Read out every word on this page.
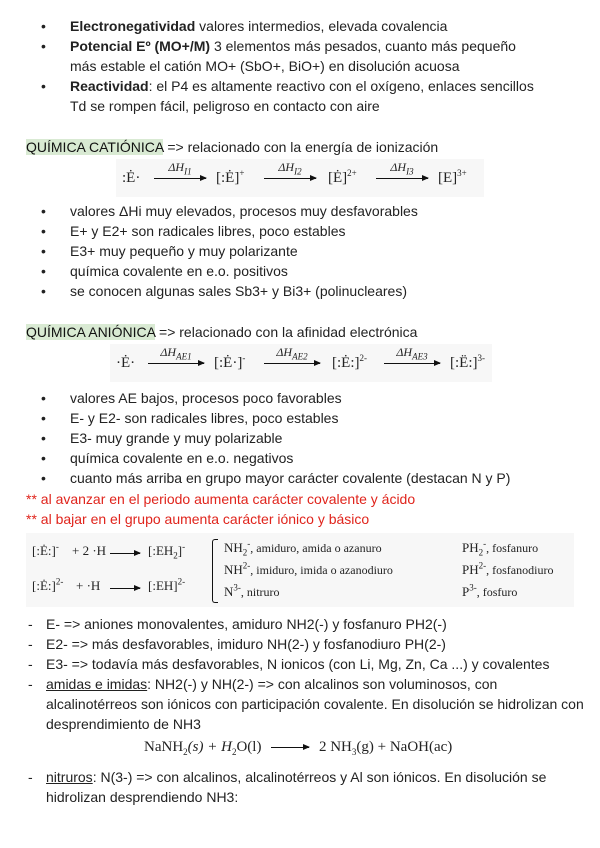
• Electronegatividad valores intermedios, elevada covalencia
• Potencial Eº (MO+/M) 3 elementos más pesados, cuanto más pequeño
más estable el catión MO+ (SbO+, BiO+) en disolución acuosa
• Reactividad: el P4 es altamente reactivo con el oxígeno, enlaces sencillos
Td se rompen fácil, peligroso en contacto con aire
QUÍMICA CATIÓNICA => relacionado con la energía de ionización
:Ė·
$\Delta H_{I1}$ → [:Ė]+	$\Delta H_{I2}$ → [Ė]$^{2+}$	$\Delta H_{I3} \to [E]^{3+}$
• valores ΔHi muy elevados, procesos muy desfavorables
• E+ y E2+ son radicales libres, poco estables
• E3+ muy pequeño y muy polarizante
• química covalente en e.o. positivos
• se conocen algunas sales Sb3+ y Bi3+ (polinucleares)
QUÍMICA ANIÓNICA => relacionado con la afinidad electrónica
·Ė·
$\Delta H_{AE1}$ → [:Ė·]-	$\Delta H_{AE2}$ → [:Ė:]$^{2-}$	$\Delta H_{AE3}$ → [:Ë:]$^{3-}$
• valores AE bajos, procesos poco favorables
• E- y E2- son radicales libres, poco estables
• E3- muy grande y muy polarizable
• química covalente en e.o. negativos
• cuanto más arriba en grupo mayor carácter covalente (destacan N y P)
** al avanzar en el periodo aumenta carácter covalente y ácido
** al bajar en el grupo aumenta carácter iónico y básico
[:Ė:]- + $2 \cdot H \to [:EH_2]^-$
[:Ė:]$^{2-}$ + ·H → [:EH]$^{2-}$
$NH_2^-$, amiduro, amida o azanuro
$NH^{2-}$, imiduro, imida o azanodiuro
$N^{3-}$, nitruro
$PH_2^-$, fosfanuro
$PH^{2-}$, fosfanodiuro
$P^{3-}$, fosfuro
- E- => aniones monovalentes, amiduro NH2(-) y fosfanuro PH2(-)
- E2- => más desfavorables, imiduro NH(2-) y fosfanodiuro PH(2-)
- E3- => todavía más desfavorables, N ionicos (con Li, Mg, Zn, Ca ...) y covalentes
- amidas e imidas: NH2(-) y NH(2-) => con alcalinos son voluminosos, con alcalinotérreos son iónicos con participación covalente. En disolución se hidrolizan con desprendimiento de NH3
NaNH$_2$(s) + $H_2O(l)$	2 $NH_3(g)$ + NaOH(ac)
- nitruros: N(3-) => con alcalinos, alcalinotérreos y Al son iónicos. En disolución se hidrolizan desprendiendo NH3:
